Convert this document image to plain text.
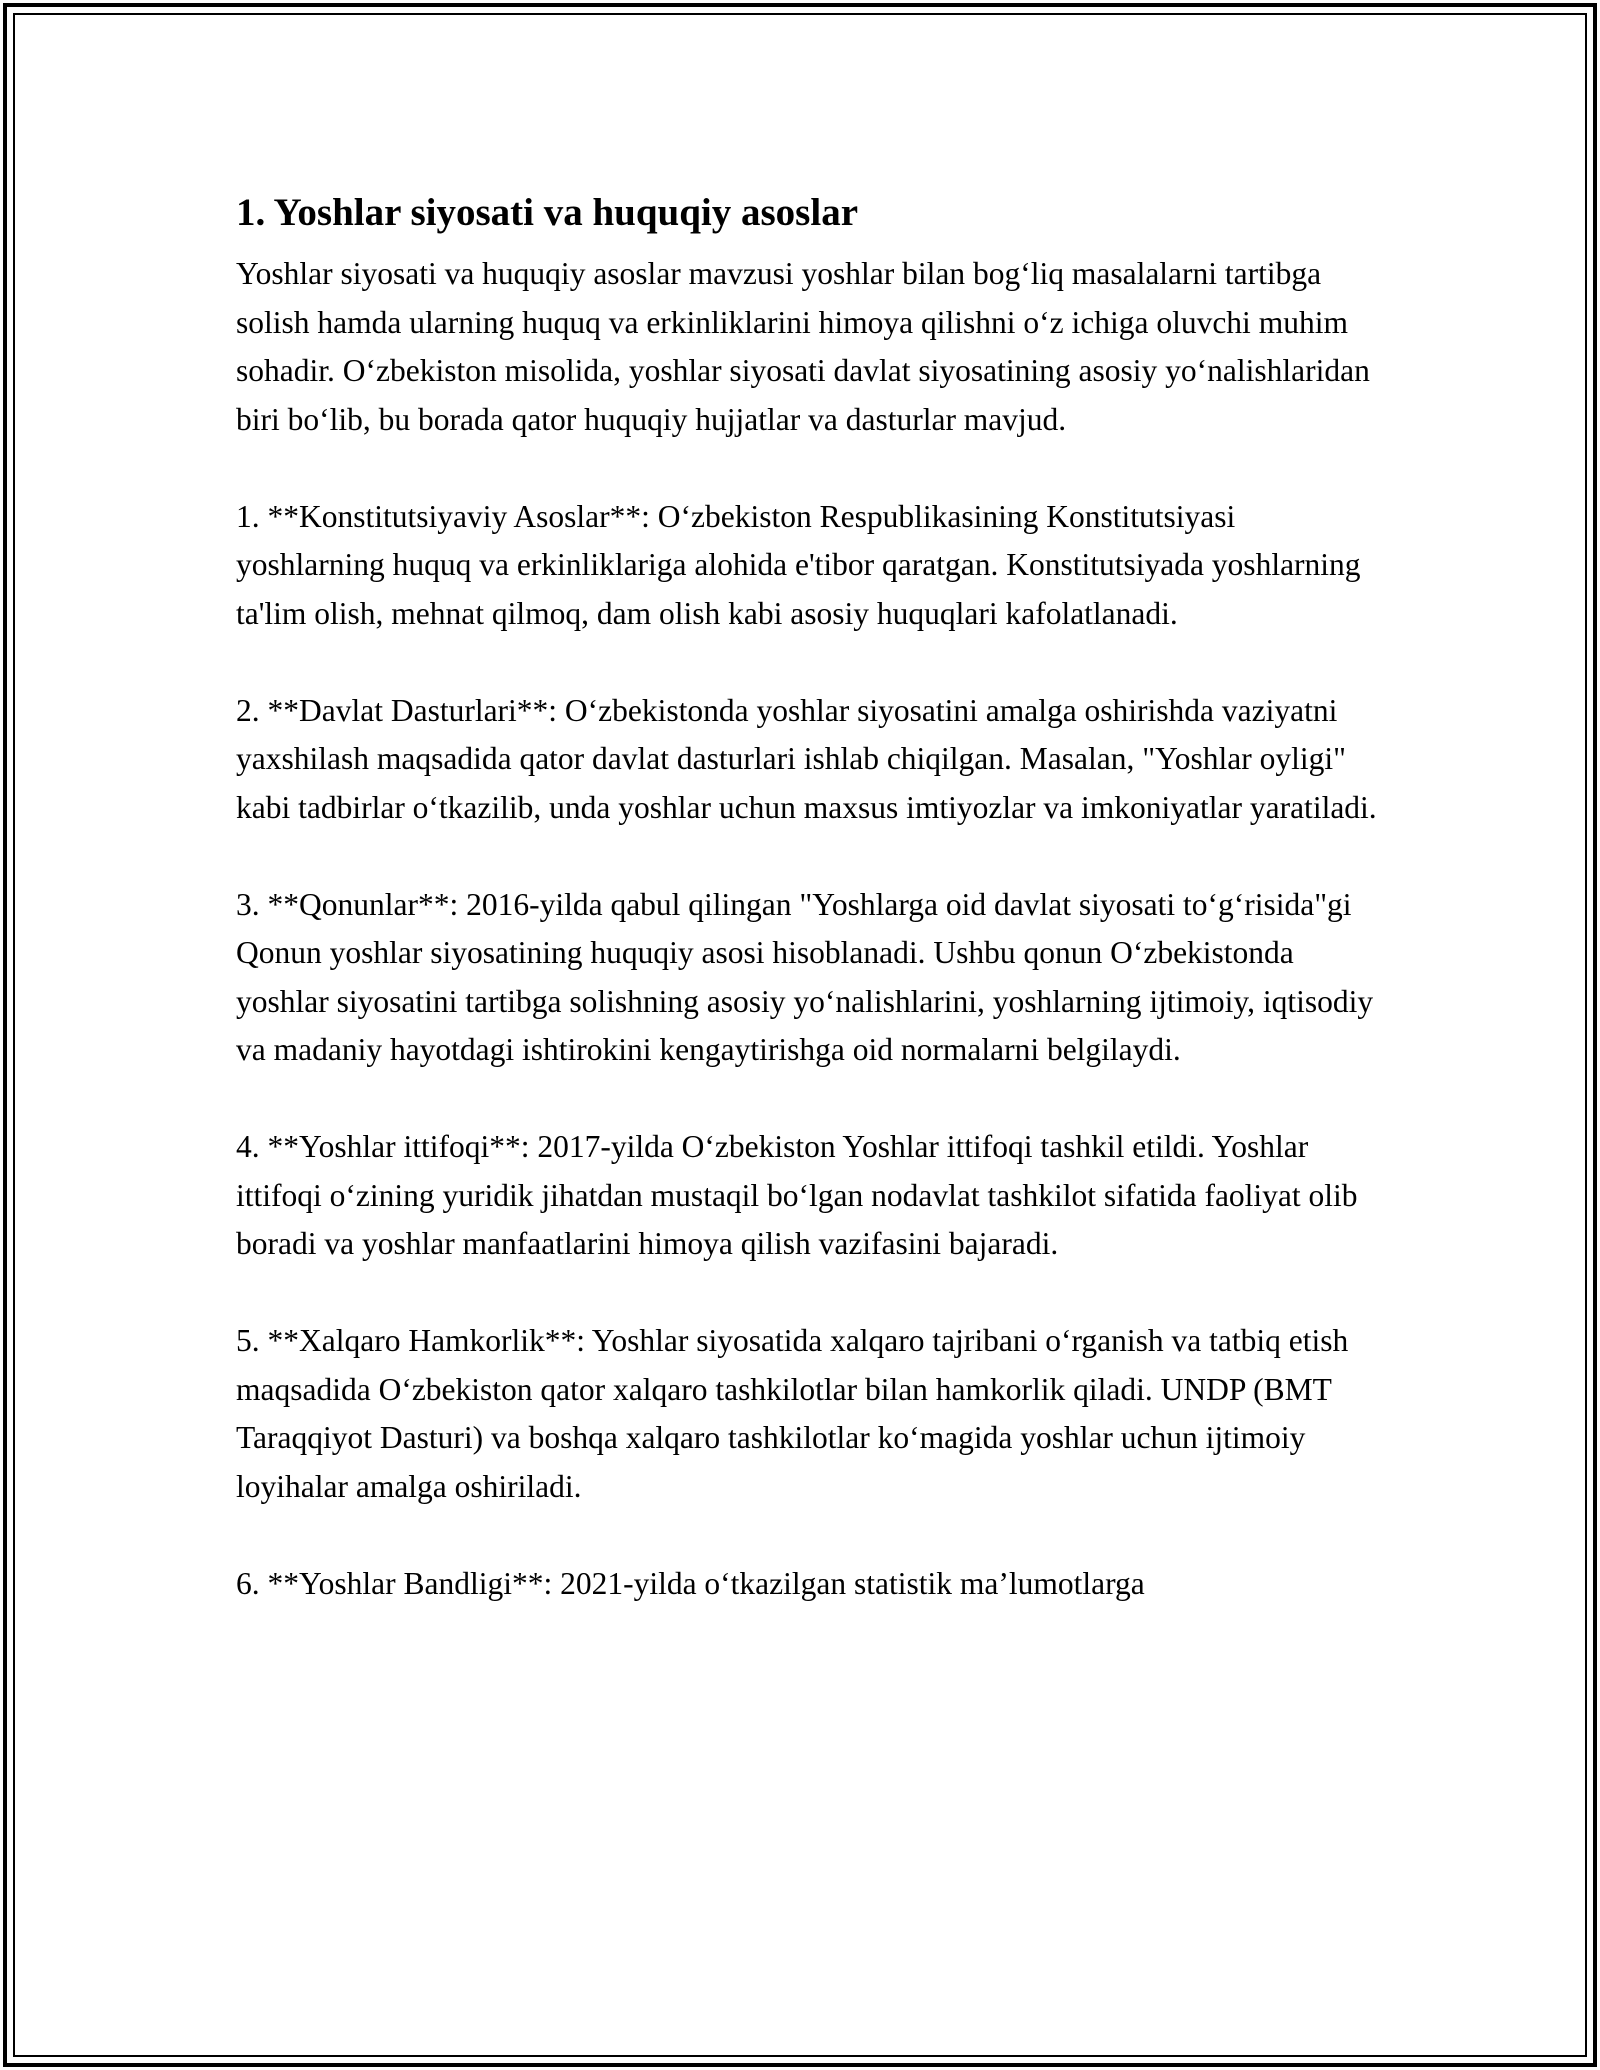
1. Yoshlar siyosati va huquqiy asoslar
Yoshlar siyosati va huquqiy asoslar mavzusi yoshlar bilan bog‘liq masalalarni tartibga solish hamda ularning huquq va erkinliklarini himoya qilishni o‘z ichiga oluvchi muhim sohadir. O‘zbekiston misolida, yoshlar siyosati davlat siyosatining asosiy yo‘nalishlaridan biri bo‘lib, bu borada qator huquqiy hujjatlar va dasturlar mavjud.
1. **Konstitutsiyaviy Asoslar**: O‘zbekiston Respublikasining Konstitutsiyasi yoshlarning huquq va erkinliklariga alohida e'tibor qaratgan. Konstitutsiyada yoshlarning ta'lim olish, mehnat qilmoq, dam olish kabi asosiy huquqlari kafolatlanadi.
2. **Davlat Dasturlari**: O‘zbekistonda yoshlar siyosatini amalga oshirishda vaziyatni yaxshilash maqsadida qator davlat dasturlari ishlab chiqilgan. Masalan, "Yoshlar oyligi" kabi tadbirlar o‘tkazilib, unda yoshlar uchun maxsus imtiyozlar va imkoniyatlar yaratiladi.
3. **Qonunlar**: 2016-yilda qabul qilingan "Yoshlarga oid davlat siyosati to‘g‘risida"gi Qonun yoshlar siyosatining huquqiy asosi hisoblanadi. Ushbu qonun O‘zbekistonda yoshlar siyosatini tartibga solishning asosiy yo‘nalishlarini, yoshlarning ijtimoiy, iqtisodiy va madaniy hayotdagi ishtirokini kengaytirishga oid normalarni belgilaydi.
4. **Yoshlar ittifoqi**: 2017-yilda O‘zbekiston Yoshlar ittifoqi tashkil etildi. Yoshlar ittifoqi o‘zining yuridik jihatdan mustaqil bo‘lgan nodavlat tashkilot sifatida faoliyat olib boradi va yoshlar manfaatlarini himoya qilish vazifasini bajaradi.
5. **Xalqaro Hamkorlik**: Yoshlar siyosatida xalqaro tajribani o‘rganish va tatbiq etish maqsadida O‘zbekiston qator xalqaro tashkilotlar bilan hamkorlik qiladi. UNDP (BMT Taraqqiyot Dasturi) va boshqa xalqaro tashkilotlar ko‘magida yoshlar uchun ijtimoiy loyihalar amalga oshiriladi.
6. **Yoshlar Bandligi**: 2021-yilda o‘tkazilgan statistik ma’lumotlarga
